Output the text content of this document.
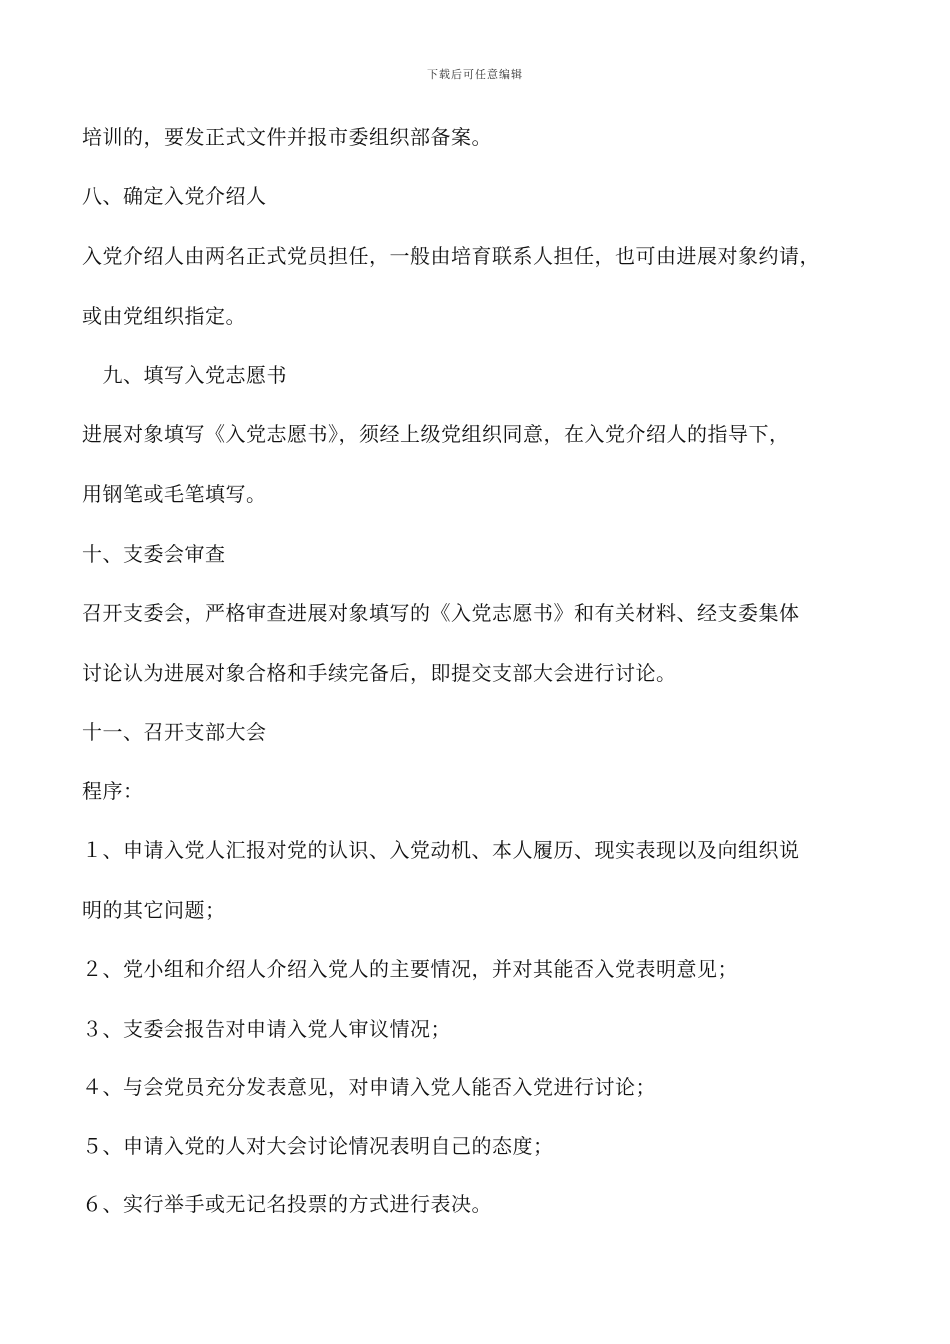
下载后可任意编辑
培训的，要发正式文件并报市委组织部备案。
八、确定入党介绍人
入党介绍人由两名正式党员担任，一般由培育联系人担任，也可由进展对象约请，
或由党组织指定。
　九、填写入党志愿书
进展对象填写《入党志愿书》，须经上级党组织同意，在入党介绍人的指导下，
用钢笔或毛笔填写。
十、支委会审查
召开支委会，严格审查进展对象填写的《入党志愿书》和有关材料、经支委集体
讨论认为进展对象合格和手续完备后，即提交支部大会进行讨论。
十一、召开支部大会
程序：
１、申请入党人汇报对党的认识、入党动机、本人履历、现实表现以及向组织说
明的其它问题；
２、党小组和介绍人介绍入党人的主要情况，并对其能否入党表明意见；
３、支委会报告对申请入党人审议情况；
４、与会党员充分发表意见，对申请入党人能否入党进行讨论；
５、申请入党的人对大会讨论情况表明自己的态度；
６、实行举手或无记名投票的方式进行表决。
